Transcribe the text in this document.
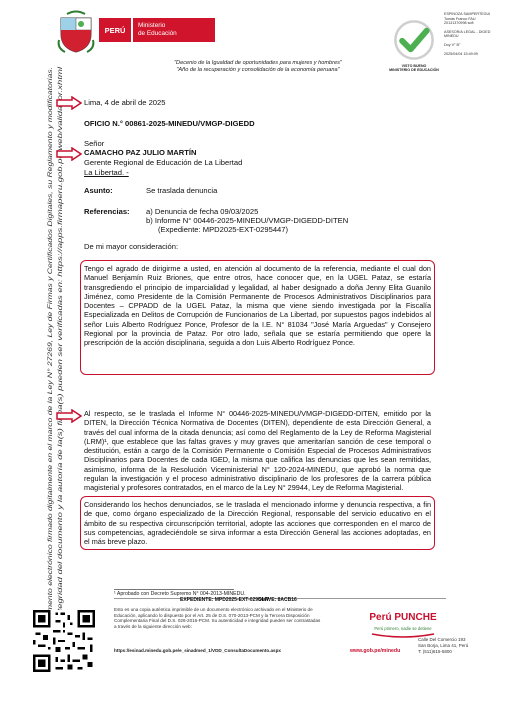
PERÚ	Ministerio
de Educación
ESPINOZA SAMPERTEGUI
Tomás Franco FAU
20131370998 soft
ASESOR/A LEGAL - DIGED
MINEDU
Doy V° B°
2025/04/04 15:49:09
VISTO BUENO
MINISTERIO DE EDUCACIÓN
"Decenio de la Igualdad de oportunidades para mujeres y hombres"
"Año de la recuperación y consolidación de la economía peruana"
Documento electrónico firmado digitalmente en el marco de la Ley N° 27269, Ley de Firmas y Certificados Digitales, su Reglamento y modificatorias. La integridad del documento y la autoría de la(s) firma(s) pueden ser verificadas en: https://apps.firmaperu.gob.pe/web/validador.xhtml
Lima, 4 de abril de 2025
OFICIO N.° 00861-2025-MINEDU/VMGP-DIGEDD
Señor
CAMACHO PAZ JULIO MARTÍN
Gerente Regional de Educación de La Libertad
La Libertad. -
Asunto:	Se traslada denuncia
Referencias: a) Denuncia de fecha 09/03/2025
b) Informe N° 00446-2025-MINEDU/VMGP-DIGEDD-DITEN
(Expediente: MPD2025-EXT-0295447)
De mi mayor consideración:
Tengo el agrado de dirigirme a usted, en atención al documento de la referencia, mediante el cual don Manuel Benjamín Ruiz Briones, que entre otros, hace conocer que, en la UGEL Pataz, se estaría transgrediendo el principio de imparcialidad y legalidad, al haber designado a doña Jenny Elita Guanilo Jiménez, como Presidente de la Comisión Permanente de Procesos Administrativos Disciplinarios para Docentes – CPPADD de la UGEL Pataz, la misma que viene siendo investigada por la Fiscalía Especializada en Delitos de Corrupción de Funcionarios de La Libertad, por supuestos pagos indebidos al señor Luis Alberto Rodríguez Ponce, Profesor de la I.E. N° 81034 "José María Arguedas" y Consejero Regional por la provincia de Pataz. Por otro lado, señala que se estaría permitiendo que opere la prescripción de la acción disciplinaria, seguida a don Luis Alberto Rodríguez Ponce.
Al respecto, se le traslada el Informe N° 00446-2025-MINEDU/VMGP-DIGEDD-DITEN, emitido por la DITEN, la Dirección Técnica Normativa de Docentes (DITEN), dependiente de esta Dirección General, a través del cual informa de la citada denuncia; así como del Reglamento de la Ley de Reforma Magisterial (LRM)¹, que establece que las faltas graves y muy graves que ameritarían sanción de cese temporal o destitución, están a cargo de la Comisión Permanente o Comisión Especial de Procesos Administrativos Disciplinarios para Docentes de cada IGED, la misma que califica las denuncias que les sean remitidas, asimismo, informa de la Resolución Viceministerial N° 120-2024-MINEDU, que aprobó la norma que regulan la investigación y el proceso administrativo disciplinario de los profesores de la carrera pública magisterial y profesores contratados, en el marco de la Ley N° 29944, Ley de Reforma Magisterial.
Considerando los hechos denunciados, se le traslada el mencionado informe y denuncia respectiva, a fin de que, como órgano especializado de la Dirección Regional, responsable del servicio educativo en el ámbito de su respectiva circunscripción territorial, adopte las acciones que corresponden en el marco de sus competencias, agradeciéndole se sirva informar a esta Dirección General las acciones adoptadas, en el más breve plazo.
¹ Aprobado con Decreto Supremo N° 004-2013-MINEDU.
EXPEDIENTE: MPD2025-EXT-0295447
CLAVE: 8ACB16
Esto es una copia auténtica imprimible de un documento electrónico archivado en el Ministerio de Educación, aplicando lo dispuesto por el Art. 25 de D.S. 070-2013-PCM y la Tercera Disposición Complementaria Final del D.S. 026-2016-PCM. Su autenticidad e integridad pueden ser contrastadas a través de la siguiente dirección web:
https://esinad.minedu.gob.pe/e_sinadmed_1/VDD_ConsultaDocumento.aspx
Perú PUNCHE
Perú primero, nadie se detiene
www.gob.pe/minedu
Calle Del Comercio 193
San Borja, Lima 41, Perú
T: (511)615-5800
